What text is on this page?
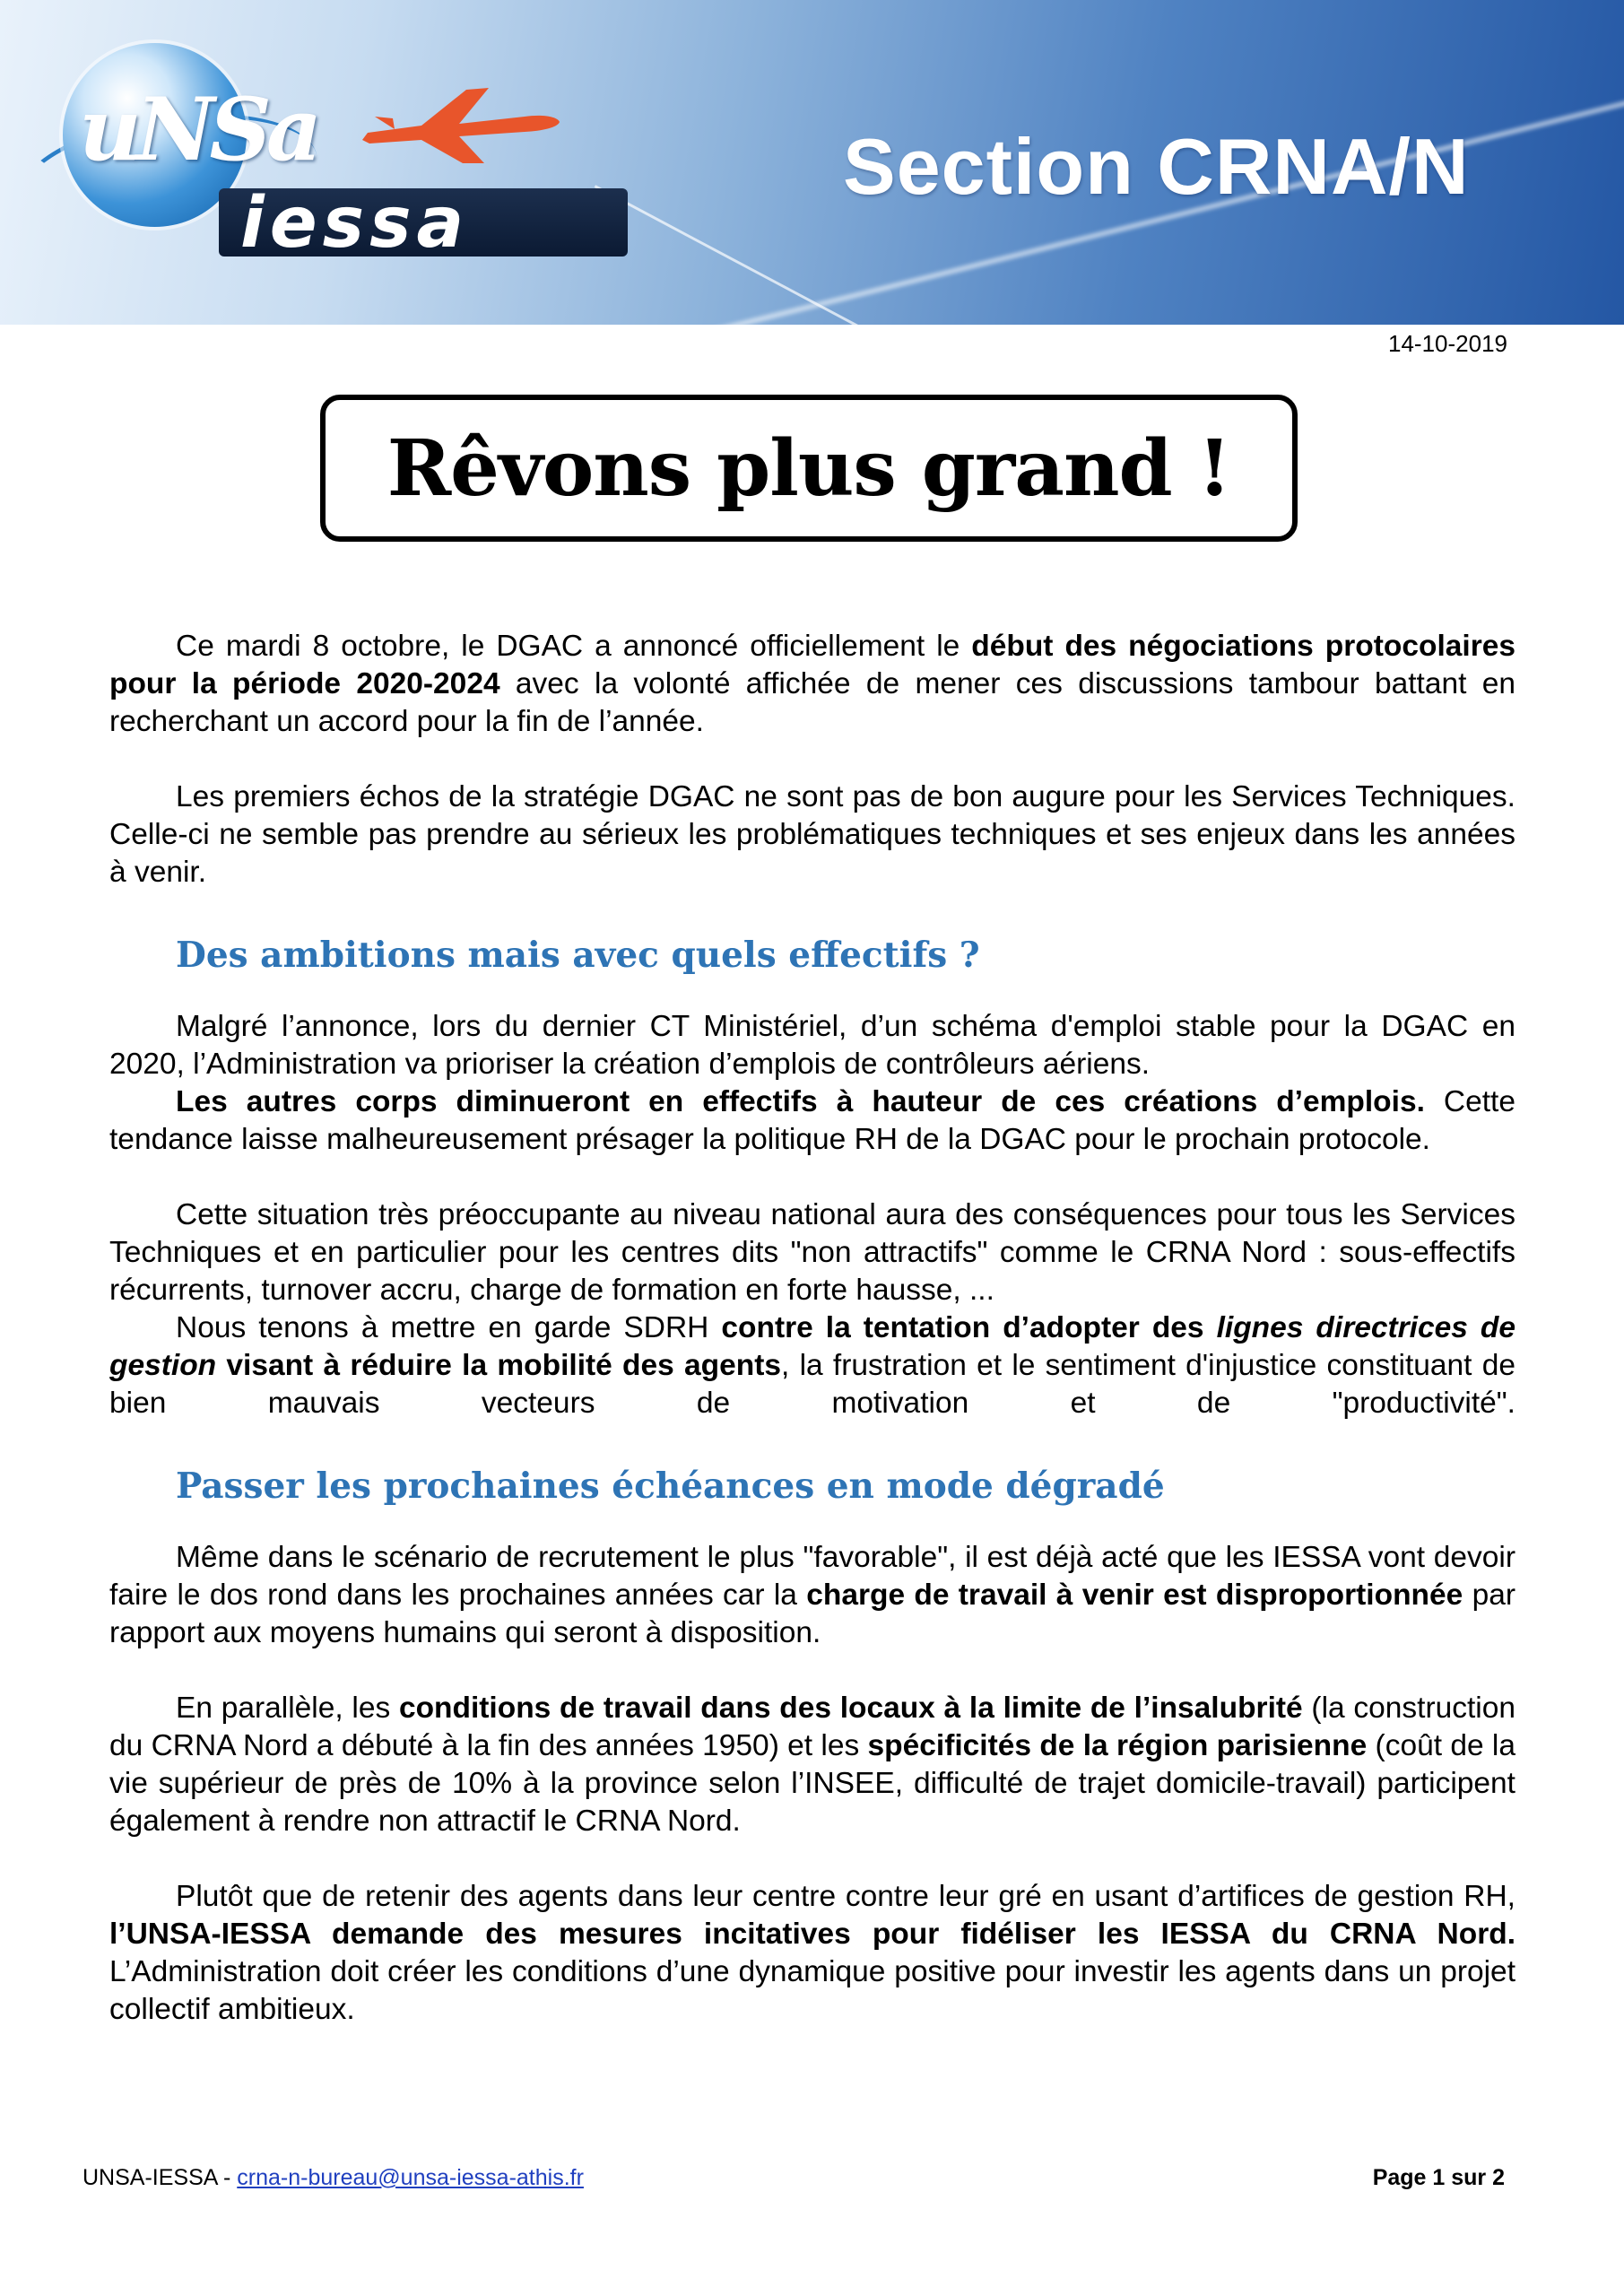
uNSa
iessa
Section CRNA/N
14-10-2019
Rêvons plus grand !

Ce mardi 8 octobre, le DGAC a annoncé officiellement le début des négociations protocolaires pour la période 2020-2024 avec la volonté affichée de mener ces discussions tambour battant en recherchant un accord pour la fin de l’année.

Les premiers échos de la stratégie DGAC ne sont pas de bon augure pour les Services Techniques. Celle-ci ne semble pas prendre au sérieux les problématiques techniques et ses enjeux dans les années à venir.

Des ambitions mais avec quels effectifs ?

Malgré l’annonce, lors du dernier CT Ministériel, d’un schéma d'emploi stable pour la DGAC en 2020, l’Administration va prioriser la création d’emplois de contrôleurs aériens.

Les autres corps diminueront en effectifs à hauteur de ces créations d’emplois. Cette tendance laisse malheureusement présager la politique RH de la DGAC pour le prochain protocole.

Cette situation très préoccupante au niveau national aura des conséquences pour tous les Services Techniques et en particulier pour les centres dits "non attractifs" comme le CRNA Nord : sous-effectifs récurrents, turnover accru, charge de formation en forte hausse, ...

Nous tenons à mettre en garde SDRH contre la tentation d’adopter des lignes directrices de gestion visant à réduire la mobilité des agents, la frustration et le sentiment d'injustice constituant de bien mauvais vecteurs de motivation et de "productivité".

Passer les prochaines échéances en mode dégradé

Même dans le scénario de recrutement le plus "favorable", il est déjà acté que les IESSA vont devoir faire le dos rond dans les prochaines années car la charge de travail à venir est disproportionnée par rapport aux moyens humains qui seront à disposition.

En parallèle, les conditions de travail dans des locaux à la limite de l’insalubrité (la construction du CRNA Nord a débuté à la fin des années 1950) et les spécificités de la région parisienne (coût de la vie supérieur de près de 10% à la province selon l’INSEE, difficulté de trajet domicile-travail) participent également à rendre non attractif le CRNA Nord.

Plutôt que de retenir des agents dans leur centre contre leur gré en usant d’artifices de gestion RH, l’UNSA-IESSA demande des mesures incitatives pour fidéliser les IESSA du CRNA Nord. L’Administration doit créer les conditions d’une dynamique positive pour investir les agents dans un projet collectif ambitieux.

UNSA-IESSA - crna-n-bureau@unsa-iessa-athis.fr	Page 1 sur 2
